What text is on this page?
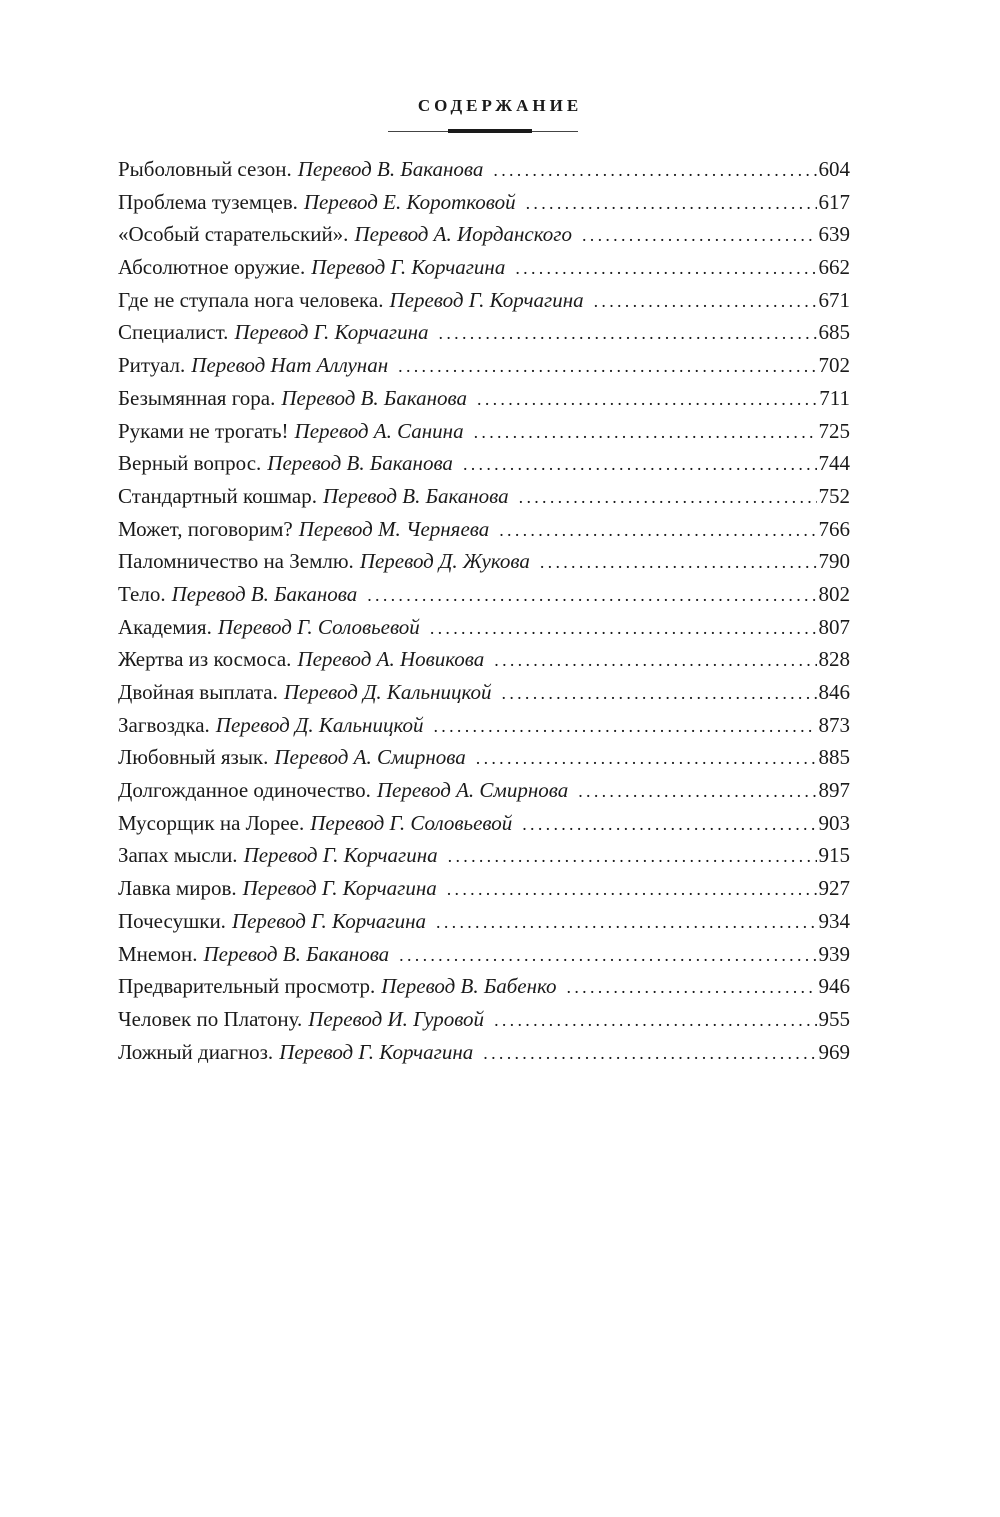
СОДЕРЖАНИЕ
Рыболовный сезон. Перевод В. Баканова . . .	604
Проблема туземцев. Перевод Е. Коротковой . . .	617
«Особый старательский». Перевод А. Иорданского . . .	639
Абсолютное оружие. Перевод Г. Корчагина . . .	662
Где не ступала нога человека. Перевод Г. Корчагина . . .	671
Специалист. Перевод Г. Корчагина . . .	685
Ритуал. Перевод Нат Аллунан . . .	702
Безымянная гора. Перевод В. Баканова . . .	711
Руками не трогать! Перевод А. Санина . . .	725
Верный вопрос. Перевод В. Баканова . . .	744
Стандартный кошмар. Перевод В. Баканова . . .	752
Может, поговорим? Перевод М. Черняева . . .	766
Паломничество на Землю. Перевод Д. Жукова . . .	790
Тело. Перевод В. Баканова . . .	802
Академия. Перевод Г. Соловьевой . . .	807
Жертва из космоса. Перевод А. Новикова . . .	828
Двойная выплата. Перевод Д. Кальницкой . . .	846
Загвоздка. Перевод Д. Кальницкой . . .	873
Любовный язык. Перевод А. Смирнова . . .	885
Долгожданное одиночество. Перевод А. Смирнова . . .	897
Мусорщик на Лорее. Перевод Г. Соловьевой . . .	903
Запах мысли. Перевод Г. Корчагина . . .	915
Лавка миров. Перевод Г. Корчагина . . .	927
Почесушки. Перевод Г. Корчагина . . .	934
Мнемон. Перевод В. Баканова . . .	939
Предварительный просмотр. Перевод В. Бабенко . . .	946
Человек по Платону. Перевод И. Гуровой . . .	955
Ложный диагноз. Перевод Г. Корчагина . . .	969
